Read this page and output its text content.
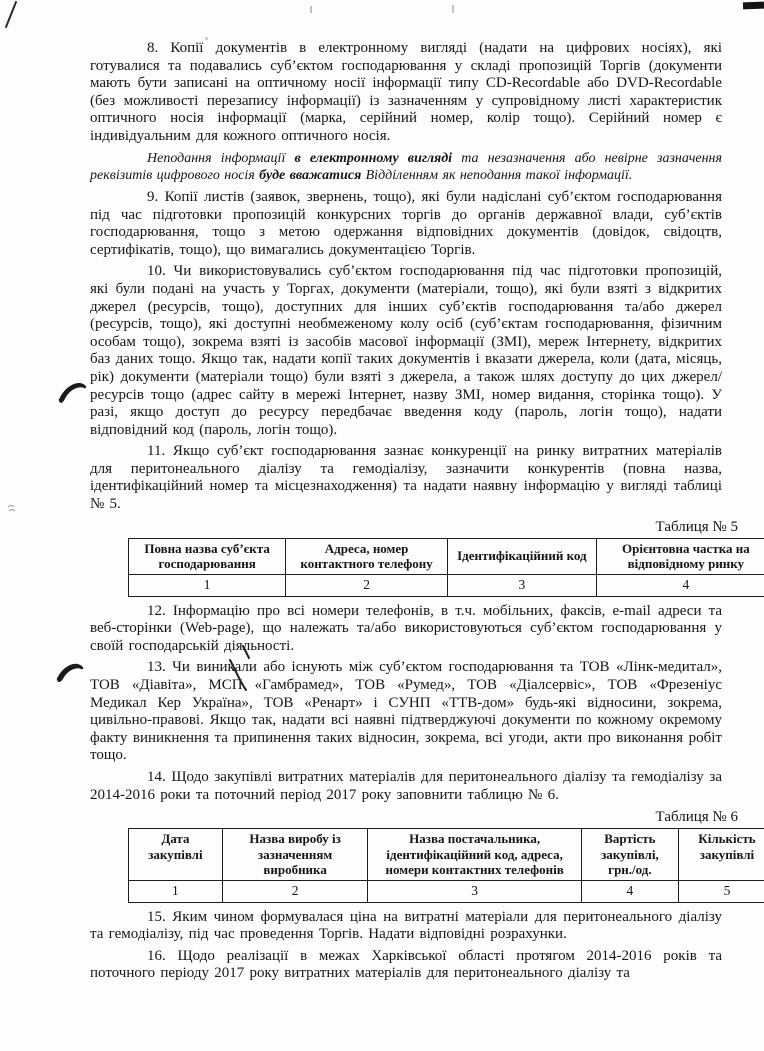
8. Копії документів в електронному вигляді (надати на цифрових носіях), які готувалися та подавались суб’єктом господарювання у складі пропозицій Торгів (документи мають бути записані на оптичному носії інформації типу CD-Recordable або DVD-Recordable (без можливості перезапису інформації) із зазначенням у супровідному листі характеристик оптичного носія інформації (марка, серійний номер, колір тощо). Серійний номер є індивідуальним для кожного оптичного носія.

Неподання інформації в електронному вигляді та незазначення або невірне зазначення реквізитів цифрового носія буде вважатися Відділенням як неподання такої інформації.

9. Копії листів (заявок, звернень, тощо), які були надіслані суб’єктом господарювання під час підготовки пропозицій конкурсних торгів до органів державної влади, суб’єктів господарювання, тощо з метою одержання відповідних документів (довідок, свідоцтв, сертифікатів, тощо), що вимагались документацією Торгів.

10. Чи використовувались суб’єктом господарювання під час підготовки пропозицій, які були подані на участь у Торгах, документи (матеріали, тощо), які були взяті з відкритих джерел (ресурсів, тощо), доступних для інших суб’єктів господарювання та/або джерел (ресурсів, тощо), які доступні необмеженому колу осіб (суб’єктам господарювання, фізичним особам тощо), зокрема взяті із засобів масової інформації (ЗМІ), мереж Інтернету, відкритих баз даних тощо. Якщо так, надати копії таких документів і вказати джерела, коли (дата, місяць, рік) документи (матеріали тощо) були взяті з джерела, а також шлях доступу до цих джерел/ресурсів тощо (адрес сайту в мережі Інтернет, назву ЗМІ, номер видання, сторінка тощо). У разі, якщо доступ до ресурсу передбачає введення коду (пароль, логін тощо), надати відповідний код (пароль, логін тощо).

11. Якщо суб’єкт господарювання зазнає конкуренції на ринку витратних матеріалів для перитонеального діалізу та гемодіалізу, зазначити конкурентів (повна назва, ідентифікаційний номер та місцезнаходження) та надати наявну інформацію у вигляді таблиці № 5.

Таблиця № 5
Повна назва суб’єкта господарювання	Адреса, номер контактного телефону	Ідентифікаційний код	Орієнтовна частка на відповідному ринку
1	2	3	4

12. Інформацію про всі номери телефонів, в т.ч. мобільних, факсів, e-mail адреси та веб-сторінки (Web-page), що належать та/або використовуються суб’єктом господарювання у своїй господарській діяльності.

13. Чи виникали або існують між суб’єктом господарювання та ТОВ «Лінк-медитал», ТОВ «Діавіта», МСП «Гамбрамед», ТОВ «Румед», ТОВ «Діалсервіс», ТОВ «Фрезеніус Медикал Кер Україна», ТОВ «Ренарт» і СУНП «ТТВ-дом» будь-які відносини, зокрема, цивільно-правові. Якщо так, надати всі наявні підтверджуючі документи по кожному окремому факту виникнення та припинення таких відносин, зокрема, всі угоди, акти про виконання робіт тощо.

14. Щодо закупівлі витратних матеріалів для перитонеального діалізу та гемодіалізу за 2014-2016 роки та поточний період 2017 року заповнити таблицю № 6.

Таблиця № 6
Дата закупівлі	Назва виробу із зазначенням виробника	Назва постачальника, ідентифікаційний код, адреса, номери контактних телефонів	Вартість закупівлі, грн./од.	Кількість закупівлі
1	2	3	4	5

15. Яким чином формувалася ціна на витратні матеріали для перитонеального діалізу та гемодіалізу, під час проведення Торгів. Надати відповідні розрахунки.

16. Щодо реалізації в межах Харківської області протягом 2014-2016 років та поточного періоду 2017 року витратних матеріалів для перитонеального діалізу та
